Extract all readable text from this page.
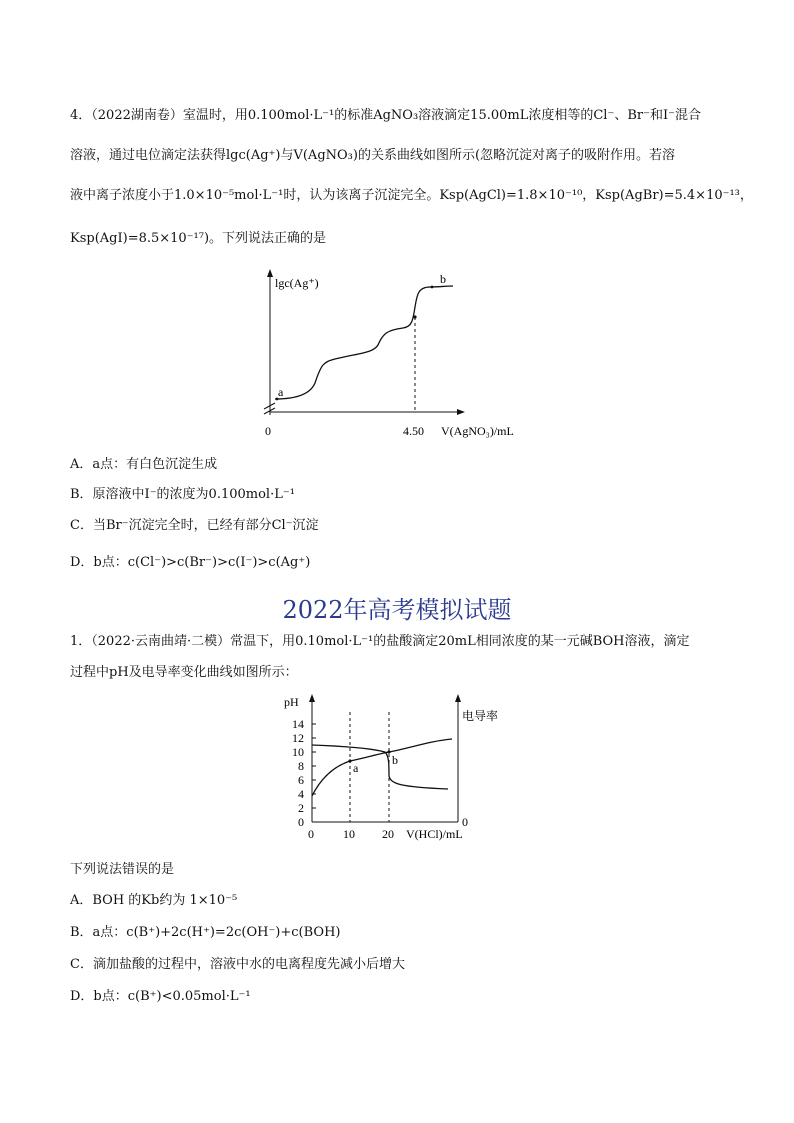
4．（2022湖南卷）室温时，用0.100mol·L⁻¹的标准AgNO₃溶液滴定15.00mL浓度相等的Cl⁻、Br⁻和I⁻混合
溶液，通过电位滴定法获得lgc(Ag⁺)与V(AgNO₃)的关系曲线如图所示(忽略沉淀对离子的吸附作用。若溶
液中离子浓度小于1.0×10⁻⁵mol·L⁻¹时，认为该离子沉淀完全。Ksp(AgCl)=1.8×10⁻¹⁰，Ksp(AgBr)=5.4×10⁻¹³，
Ksp(AgI)=8.5×10⁻¹⁷)。下列说法正确的是
lgc(Ag⁺)
a
b
0	4.50 V(AgNO₃)/mL
A．a点：有白色沉淀生成
B．原溶液中I⁻的浓度为0.100mol·L⁻¹
C．当Br⁻沉淀完全时，已经有部分Cl⁻沉淀
D．b点：c(Cl⁻)>c(Br⁻)>c(I⁻)>c(Ag⁺)
2022年高考模拟试题
1．（2022·云南曲靖·二模）常温下，用0.10mol·L⁻¹的盐酸滴定20mL相同浓度的某一元碱BOH溶液，滴定
过程中pH及电导率变化曲线如图所示：
pH
电导率
0
0
2
4
6
8
10
12
14
a
b
0 10 20 V(HCl)/mL
下列说法错误的是
A．BOH 的Kb约为 1×10⁻⁵
B．a点：c(B⁺)+2c(H⁺)=2c(OH⁻)+c(BOH)
C．滴加盐酸的过程中，溶液中水的电离程度先减小后增大
D．b点：c(B⁺)<0.05mol·L⁻¹
